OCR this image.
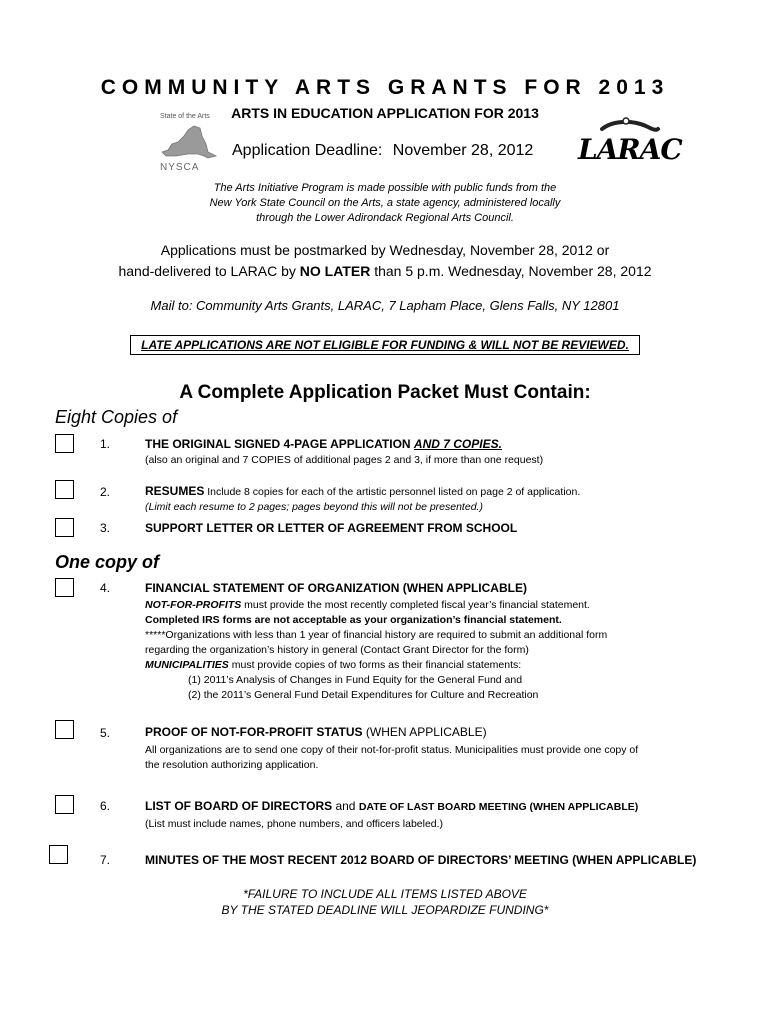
COMMUNITY ARTS GRANTS FOR 2013
ARTS IN EDUCATION APPLICATION FOR 2013
State of the Arts
NYSCA
LARAC
Application Deadline: November 28, 2012
The Arts Initiative Program is made possible with public funds from the
New York State Council on the Arts, a state agency, administered locally
through the Lower Adirondack Regional Arts Council.
Applications must be postmarked by Wednesday, November 28, 2012 or
hand-delivered to LARAC by NO LATER than 5 p.m. Wednesday, November 28, 2012
Mail to: Community Arts Grants, LARAC, 7 Lapham Place, Glens Falls, NY 12801
LATE APPLICATIONS ARE NOT ELIGIBLE FOR FUNDING & WILL NOT BE REVIEWED.
A Complete Application Packet Must Contain:
Eight Copies of
1.	THE ORIGINAL SIGNED 4-PAGE APPLICATION AND 7 COPIES.
(also an original and 7 COPIES of additional pages 2 and 3, if more than one request)
2.	RESUMES Include 8 copies for each of the artistic personnel listed on page 2 of application.
(Limit each resume to 2 pages; pages beyond this will not be presented.)
3.	SUPPORT LETTER OR LETTER OF AGREEMENT FROM SCHOOL
One copy of
4.	FINANCIAL STATEMENT OF ORGANIZATION (WHEN APPLICABLE)
NOT-FOR-PROFITS must provide the most recently completed fiscal year’s financial statement.
Completed IRS forms are not acceptable as your organization’s financial statement.
*****Organizations with less than 1 year of financial history are required to submit an additional form
regarding the organization’s history in general (Contact Grant Director for the form)
MUNICIPALITIES must provide copies of two forms as their financial statements:
(1) 2011’s Analysis of Changes in Fund Equity for the General Fund and
(2) the 2011’s General Fund Detail Expenditures for Culture and Recreation
5.	PROOF OF NOT-FOR-PROFIT STATUS (WHEN APPLICABLE)
All organizations are to send one copy of their not-for-profit status. Municipalities must provide one copy of
the resolution authorizing application.
6.	LIST OF BOARD OF DIRECTORS and DATE OF LAST BOARD MEETING (WHEN APPLICABLE)
(List must include names, phone numbers, and officers labeled.)
7.	MINUTES OF THE MOST RECENT 2012 BOARD OF DIRECTORS’ MEETING (WHEN APPLICABLE)
*FAILURE TO INCLUDE ALL ITEMS LISTED ABOVE
BY THE STATED DEADLINE WILL JEOPARDIZE FUNDING*
